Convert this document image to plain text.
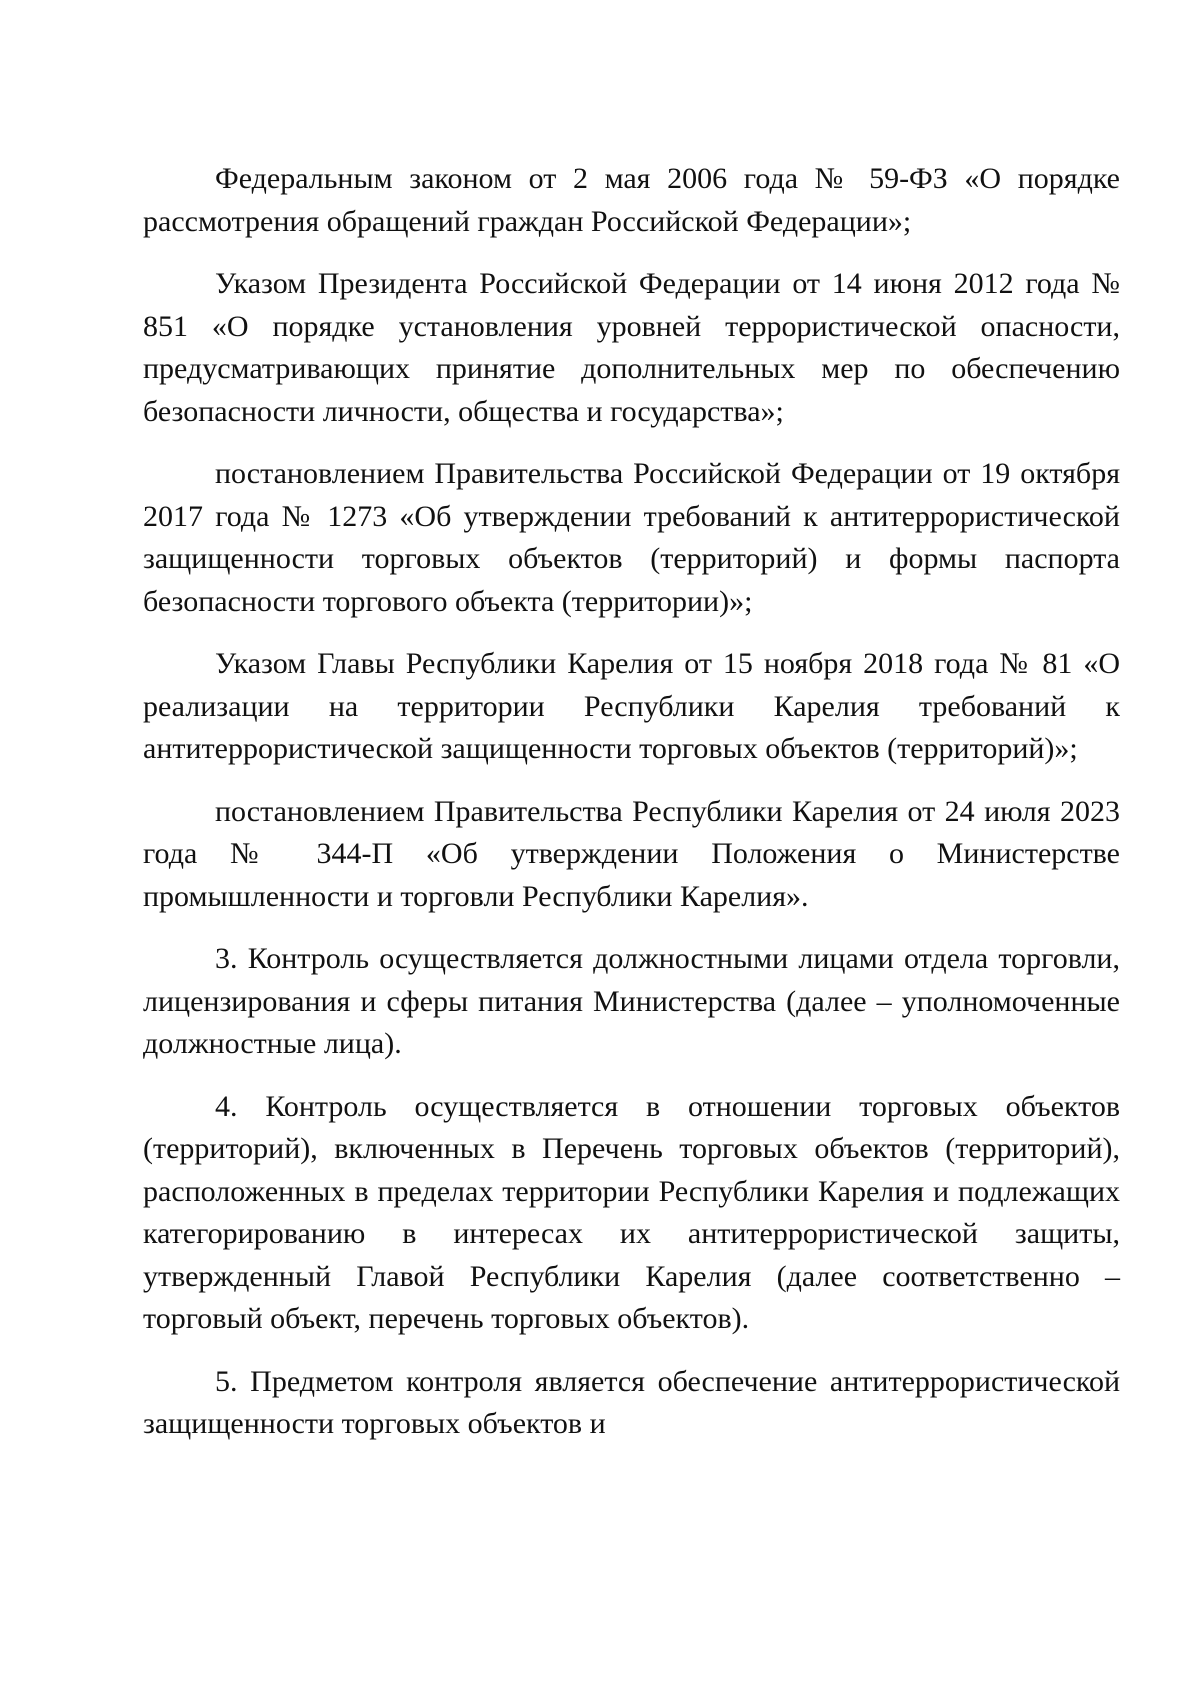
Федеральным законом от 2 мая 2006 года № 59-ФЗ «О порядке рассмотрения обращений граждан Российской Федерации»;

Указом Президента Российской Федерации от 14 июня 2012 года № 851 «О порядке установления уровней террористической опасности, предусматривающих принятие дополнительных мер по обеспечению безопасности личности, общества и государства»;

постановлением Правительства Российской Федерации от 19 октября 2017 года № 1273 «Об утверждении требований к антитеррористической защищенности торговых объектов (территорий) и формы паспорта безопасности торгового объекта (территории)»;

Указом Главы Республики Карелия от 15 ноября 2018 года № 81 «О реализации на территории Республики Карелия требований к антитеррористической защищенности торговых объектов (территорий)»;

постановлением Правительства Республики Карелия от 24 июля 2023 года № 344-П «Об утверждении Положения о Министерстве промышленности и торговли Республики Карелия».

3. Контроль осуществляется должностными лицами отдела торговли, лицензирования и сферы питания Министерства (далее – уполномоченные должностные лица).

4. Контроль осуществляется в отношении торговых объектов (территорий), включенных в Перечень торговых объектов (территорий), расположенных в пределах территории Республики Карелия и подлежащих категорированию в интересах их антитеррористической защиты, утвержденный Главой Республики Карелия (далее соответственно – торговый объект, перечень торговых объектов).

5. Предметом контроля является обеспечение антитеррористической защищенности торговых объектов и
